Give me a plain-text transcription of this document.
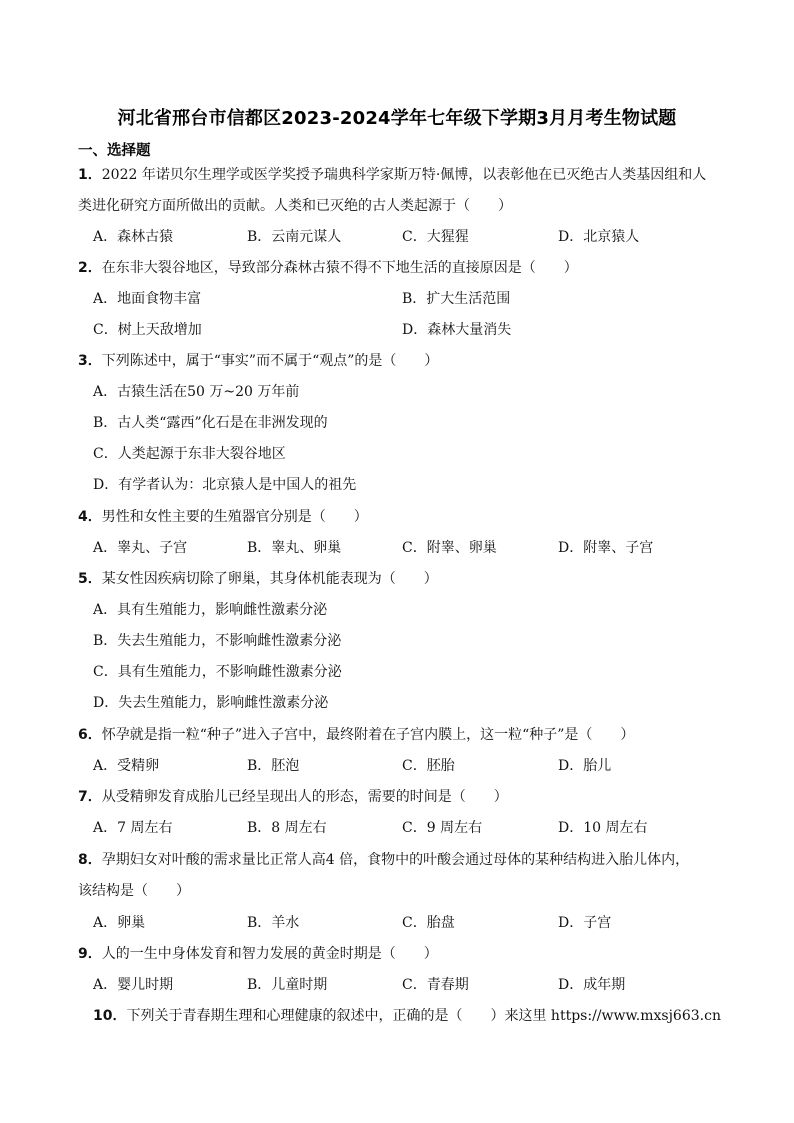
河北省邢台市信都区2023-2024学年七年级下学期3月月考生物试题
一、选择题
1．2022 年诺贝尔生理学或医学奖授予瑞典科学家斯万特·佩博，以表彰他在已灭绝古人类基因组和人
类进化研究方面所做出的贡献。人类和已灭绝的古人类起源于（　　）
A．森林古猿	B．云南元谋人	C．大猩猩	D．北京猿人
2．在东非大裂谷地区，导致部分森林古猿不得不下地生活的直接原因是（　　）
A．地面食物丰富	B．扩大生活范围
C．树上天敌增加	D．森林大量消失
3．下列陈述中，属于“事实”而不属于“观点”的是（　　）
A．古猿生活在50 万~20 万年前
B．古人类“露西”化石是在非洲发现的
C．人类起源于东非大裂谷地区
D．有学者认为：北京猿人是中国人的祖先
4．男性和女性主要的生殖器官分别是（　　）
A．睾丸、子宫	B．睾丸、卵巢	C．附睾、卵巢	D．附睾、子宫
5．某女性因疾病切除了卵巢，其身体机能表现为（　　）
A．具有生殖能力，影响雌性激素分泌
B．失去生殖能力，不影响雌性激素分泌
C．具有生殖能力，不影响雌性激素分泌
D．失去生殖能力，影响雌性激素分泌
6．怀孕就是指一粒“种子”进入子宫中，最终附着在子宫内膜上，这一粒“种子”是（　　）
A．受精卵	B．胚泡	C．胚胎	D．胎儿
7．从受精卵发育成胎儿已经呈现出人的形态，需要的时间是（　　）
A．7 周左右	B．8 周左右	C．9 周左右	D．10 周左右
8．孕期妇女对叶酸的需求量比正常人高4 倍，食物中的叶酸会通过母体的某种结构进入胎儿体内，
该结构是（　　）
A．卵巢	B．羊水	C．胎盘	D．子宫
9．人的一生中身体发育和智力发展的黄金时期是（　　）
A．婴儿时期	B．儿童时期	C．青春期	D．成年期
10．下列关于青春期生理和心理健康的叙述中，正确的是（　　）来这里 https://www.mxsj663.cn
